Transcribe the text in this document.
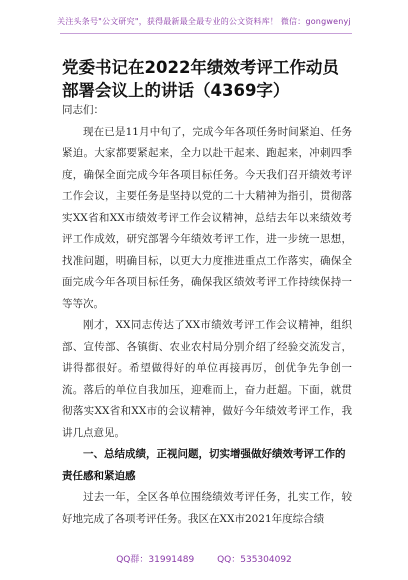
关注头条号"公文研究"，获得最新最全最专业的公文资料库！ 微信：gongwenyj
党委书记在2022年绩效考评工作动员部署会议上的讲话（4369字）

同志们：

现在已是11月中旬了，完成今年各项任务时间紧迫、任务紧迫。大家都要紧起来，全力以赴干起来、跑起来，冲刺四季度，确保全面完成今年各项目标任务。今天我们召开绩效考评工作会议，主要任务是坚持以党的二十大精神为指引，贯彻落实XX省和XX市绩效考评工作会议精神，总结去年以来绩效考评工作成效，研究部署今年绩效考评工作，进一步统一思想，找准问题，明确目标，以更大力度推进重点工作落实，确保全面完成今年各项目标任务，确保我区绩效考评工作持续保持一等等次。

刚才，XX同志传达了XX市绩效考评工作会议精神，组织部、宣传部、各镇街、农业农村局分别介绍了经验交流发言，讲得都很好。希望做得好的单位再接再厉，创优争先争创一流。落后的单位自我加压，迎难而上，奋力赶超。下面，就贯彻落实XX省和XX市的会议精神，做好今年绩效考评工作，我讲几点意见。

一、总结成绩，正视问题，切实增强做好绩效考评工作的责任感和紧迫感

过去一年，全区各单位围绕绩效考评任务，扎实工作，较好地完成了各项考评任务。我区在XX市2021年度综合绩

QQ群：31991489	QQ：535304092
